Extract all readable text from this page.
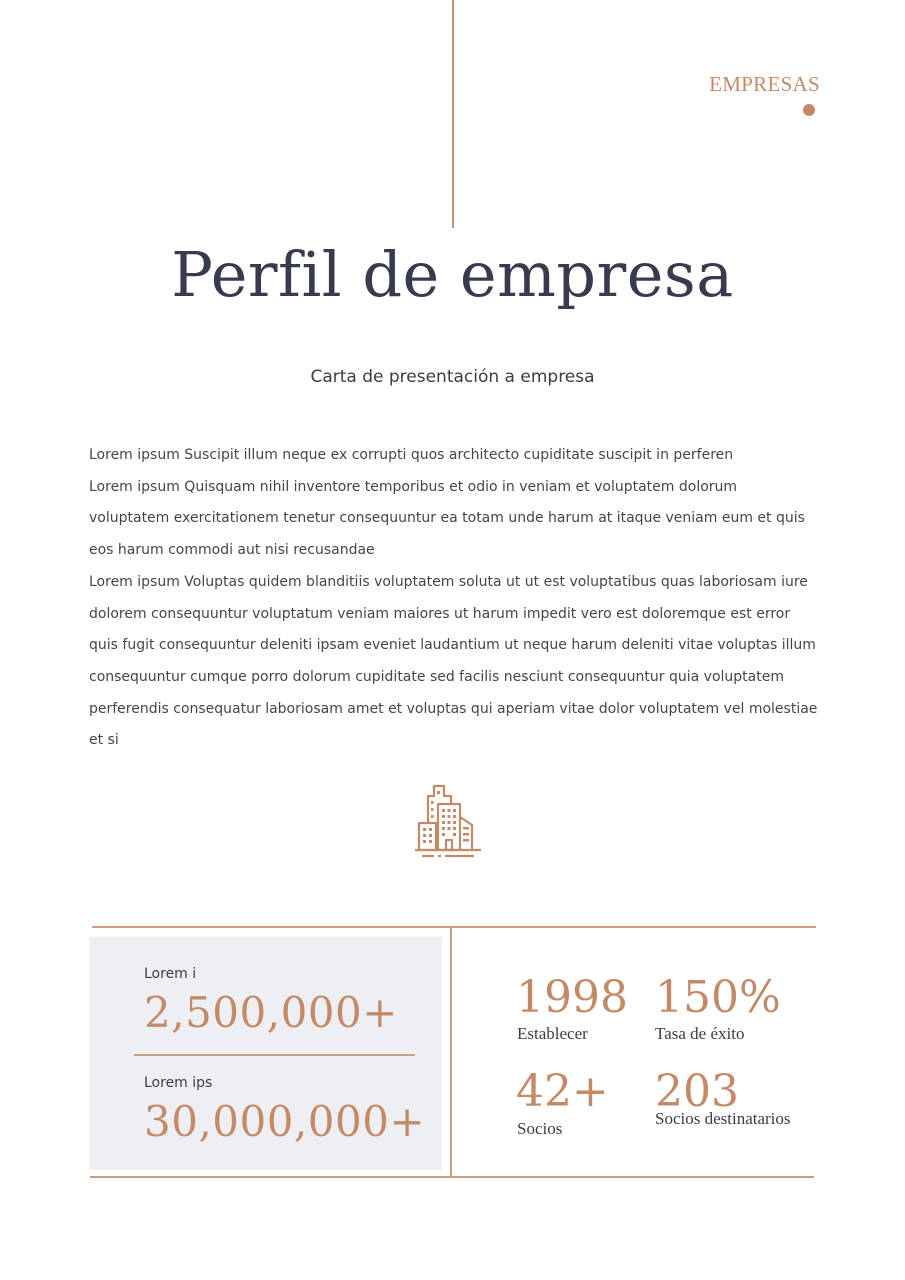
EMPRESAS
Perfil de empresa
Carta de presentación a empresa

Lorem ipsum Suscipit illum neque ex corrupti quos architecto cupiditate suscipit in perferen

Lorem ipsum Quisquam nihil inventore temporibus et odio in veniam et voluptatem dolorum voluptatem exercitationem tenetur consequuntur ea totam unde harum at itaque veniam eum et quis eos harum commodi aut nisi recusandae

Lorem ipsum Voluptas quidem blanditiis voluptatem soluta ut ut est voluptatibus quas laboriosam iure dolorem consequuntur voluptatum veniam maiores ut harum impedit vero est doloremque est error quis fugit consequuntur deleniti ipsam eveniet laudantium ut neque harum deleniti vitae voluptas illum consequuntur cumque porro dolorum cupiditate sed facilis nesciunt consequuntur quia voluptatem perferendis consequatur laboriosam amet et voluptas qui aperiam vitae dolor voluptatem vel molestiae et si

Lorem i
2,500,000+
Lorem ips
30,000,000+
1998
Establecer
150%
Tasa de éxito
42+
Socios
203
Socios destinatarios
